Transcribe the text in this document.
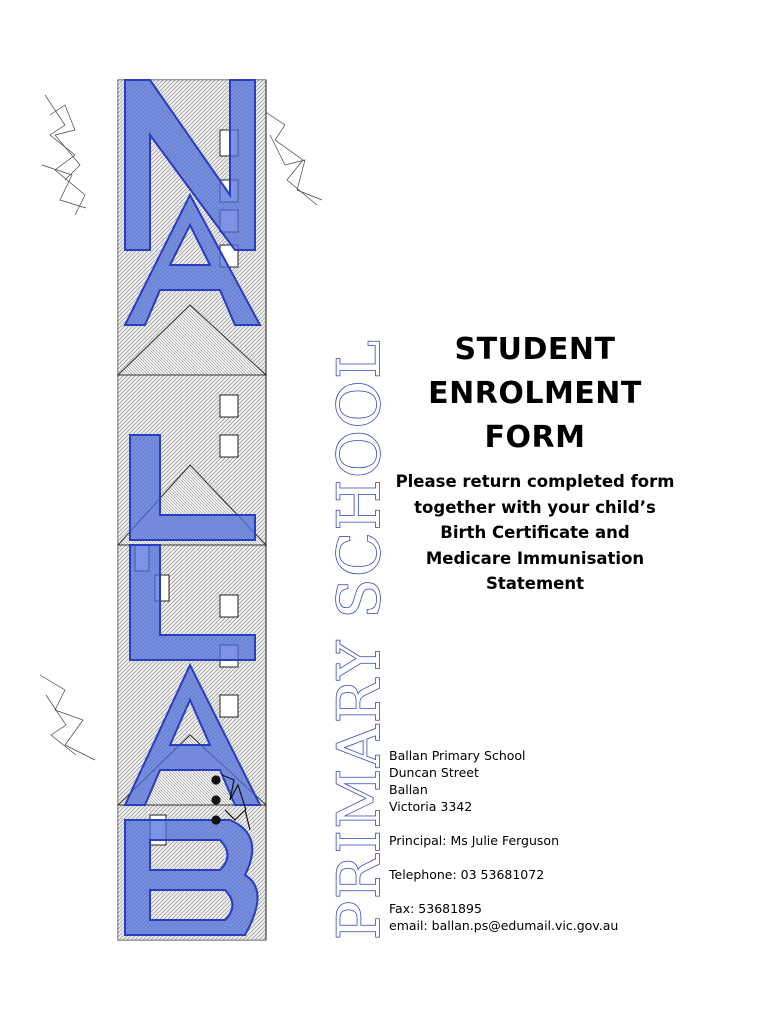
PRIMARY SCHOOL	STUDENT
ENROLMENT
FORM
Please return completed form
together with your child’s
Birth Certificate and
Medicare Immunisation
Statement
Ballan Primary School
Duncan Street
Ballan
Victoria 3342
Principal: Ms Julie Ferguson
Telephone: 03 53681072
Fax: 53681895
email: ballan.ps@edumail.vic.gov.au
